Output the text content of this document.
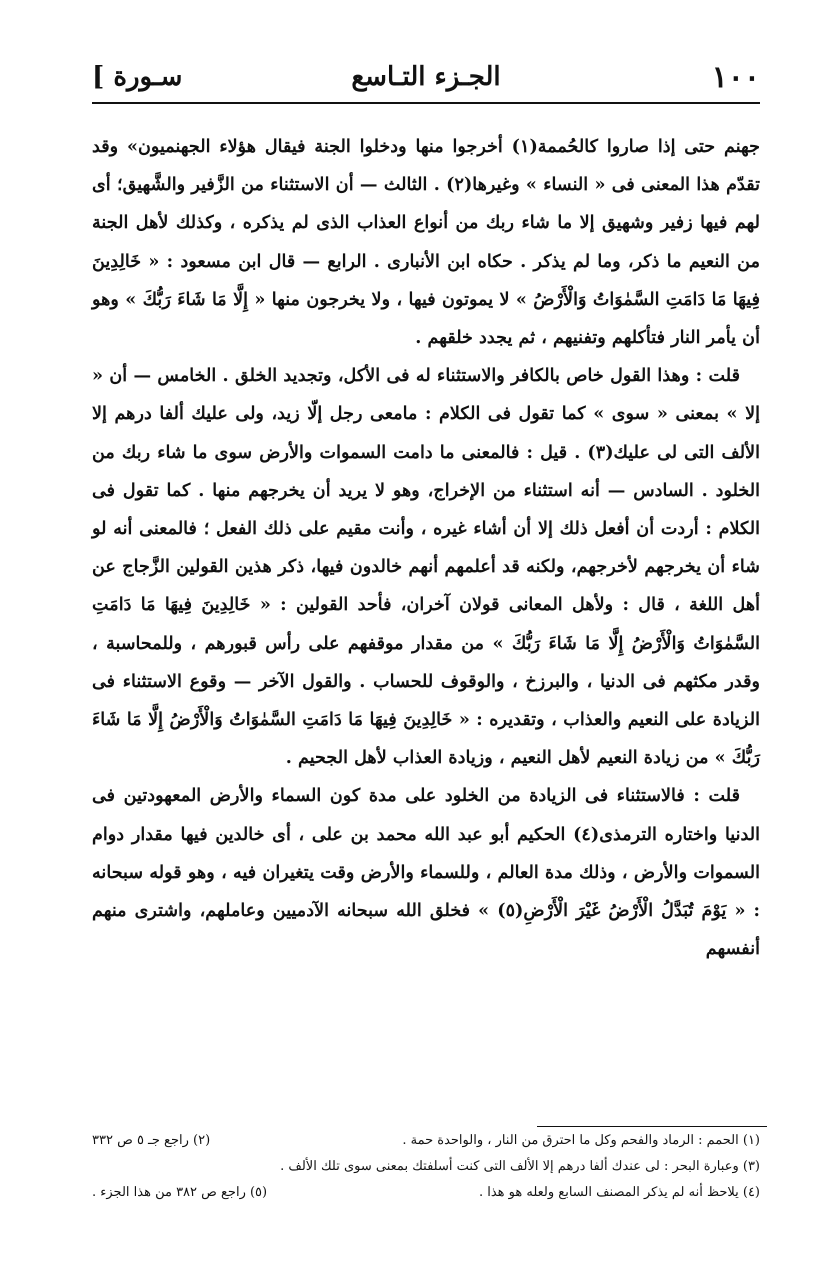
١٠٠
الجـزء التـاسع
سـورة ]

جهنم حتى إذا صاروا كالحُممة(١) أخرجوا منها ودخلوا الجنة فيقال هؤلاء الجهنميون» وقد تقدّم هذا المعنى فى « النساء » وغيرها(٢) . الثالث — أن الاستثناء من الزَّفير والشَّهيق؛ أى لهم فيها زفير وشهيق إلا ما شاء ربك من أنواع العذاب الذى لم يذكره ، وكذلك لأهل الجنة من النعيم ما ذكر، وما لم يذكر . حكاه ابن الأنبارى . الرابع — قال ابن مسعود : « خَالِدِينَ فِيهَا مَا دَامَتِ السَّمٰوَاتُ وَالْأَرْضُ » لا يموتون فيها ، ولا يخرجون منها « إِلَّا مَا شَاءَ رَبُّكَ » وهو أن يأمر النار فتأكلهم وتفنيهم ، ثم يجدد خلقهم .

قلت : وهذا القول خاص بالكافر والاستثناء له فى الأكل، وتجديد الخلق . الخامس — أن « إلا » بمعنى « سوى » كما تقول فى الكلام : مامعى رجل إلّا زيد، ولى عليك ألفا درهم إلا الألف التى لى عليك(٣) . قيل : فالمعنى ما دامت السموات والأرض سوى ما شاء ربك من الخلود . السادس — أنه استثناء من الإخراج، وهو لا يريد أن يخرجهم منها . كما تقول فى الكلام : أردت أن أفعل ذلك إلا أن أشاء غيره ، وأنت مقيم على ذلك الفعل ؛ فالمعنى أنه لو شاء أن يخرجهم لأخرجهم، ولكنه قد أعلمهم أنهم خالدون فيها، ذكر هذين القولين الزَّجاج عن أهل اللغة ، قال : ولأهل المعانى قولان آخران، فأحد القولين : « خَالِدِينَ فِيهَا مَا دَامَتِ السَّمٰوَاتُ وَالْأَرْضُ إِلَّا مَا شَاءَ رَبُّكَ » من مقدار موقفهم على رأس قبورهم ، وللمحاسبة ، وقدر مكثهم فى الدنيا ، والبرزخ ، والوقوف للحساب . والقول الآخر — وقوع الاستثناء فى الزيادة على النعيم والعذاب ، وتقديره : « خَالِدِينَ فِيهَا مَا دَامَتِ السَّمٰوَاتُ وَالْأَرْضُ إِلَّا مَا شَاءَ رَبُّكَ » من زيادة النعيم لأهل النعيم ، وزيادة العذاب لأهل الجحيم .

قلت : فالاستثناء فى الزيادة من الخلود على مدة كون السماء والأرض المعهودتين فى الدنيا واختاره الترمذى(٤) الحكيم أبو عبد الله محمد بن على ، أى خالدين فيها مقدار دوام السموات والأرض ، وذلك مدة العالم ، وللسماء والأرض وقت يتغيران فيه ، وهو قوله سبحانه : « يَوْمَ تُبَدَّلُ الْأَرْضُ غَيْرَ الْأَرْضِ(٥) » فخلق الله سبحانه الآدميين وعاملهم، واشترى منهم أنفسهم

(١) الحمم : الرماد والفحم وكل ما احترق من النار ، والواحدة حمة .
(٢) راجع جـ ٥ ص ٣٣٢
(٣) وعبارة البحر : لى عندك ألفا درهم إلا الألف التى كنت أسلفتك بمعنى سوى تلك الألف .
(٤) يلاحظ أنه لم يذكر المصنف السابع ولعله هو هذا .
(٥) راجع ص ٣٨٢ من هذا الجزء .
